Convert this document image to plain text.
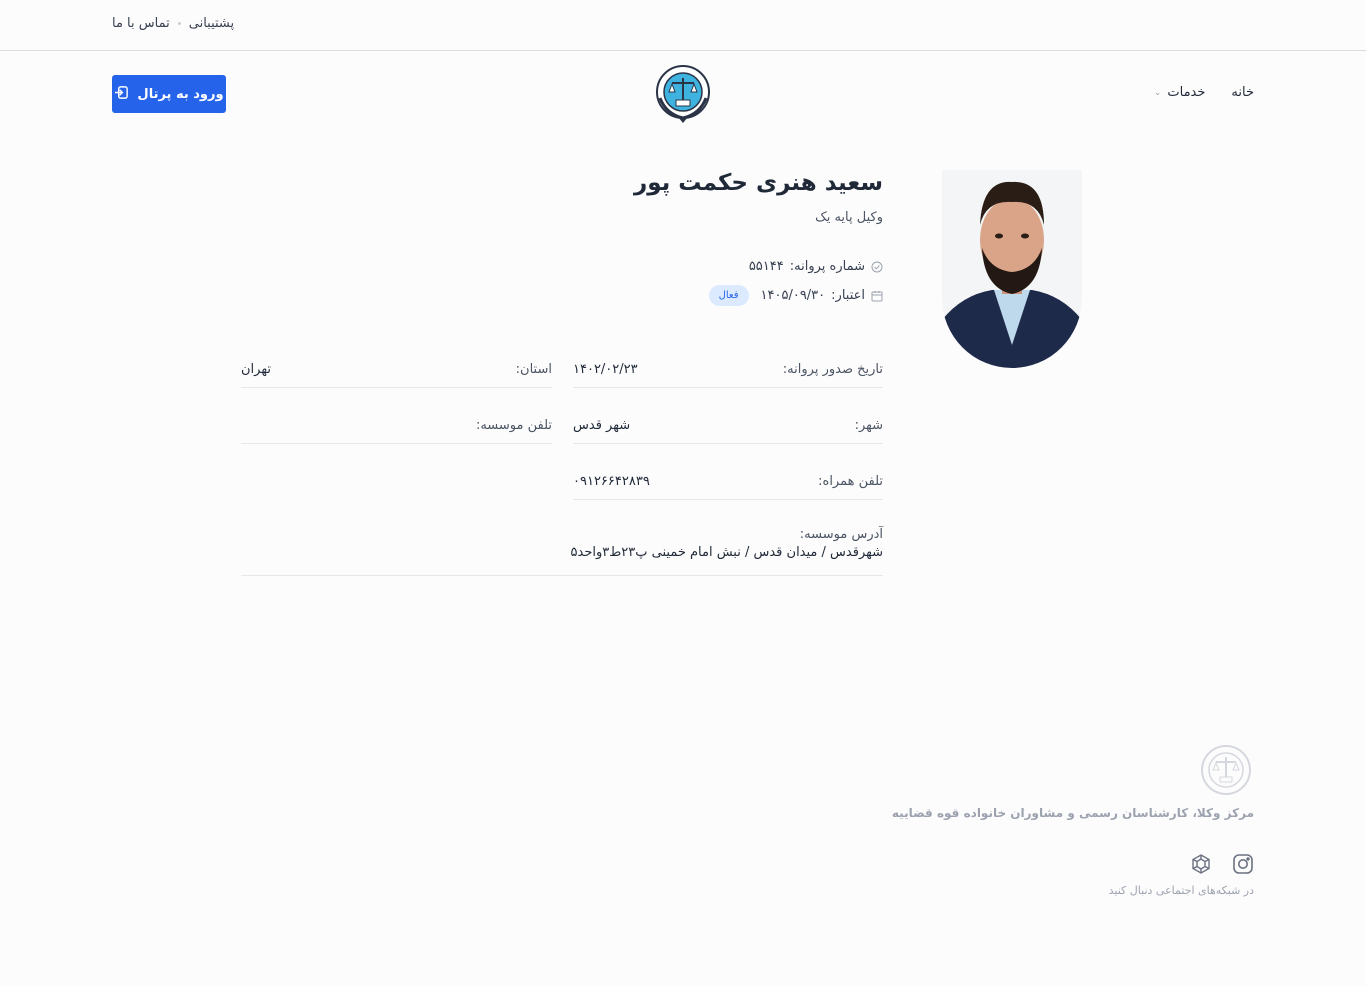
پشتیبانی
تماس با ما
خانه
خدمات
⌄
ورود به پرتال
سعید هنری حکمت پور
وکیل پایه یک
شماره پروانه:
۵۵۱۴۴
اعتبار:
۱۴۰۵/۰۹/۳۰
فعال
تاریخ صدور پروانه:
۱۴۰۲/۰۲/۲۳
شهر:
شهر قدس
تلفن همراه:
۰۹۱۲۶۶۴۲۸۳۹
استان:
تهران
تلفن موسسه:
آدرس موسسه:
شهرقدس / میدان قدس / نبش امام خمینی پ۲۳ط۳واحد۵
مرکز وکلا، کارشناسان رسمی و مشاوران خانواده قوه قضاییه
در شبکه‌های اجتماعی دنبال کنید
